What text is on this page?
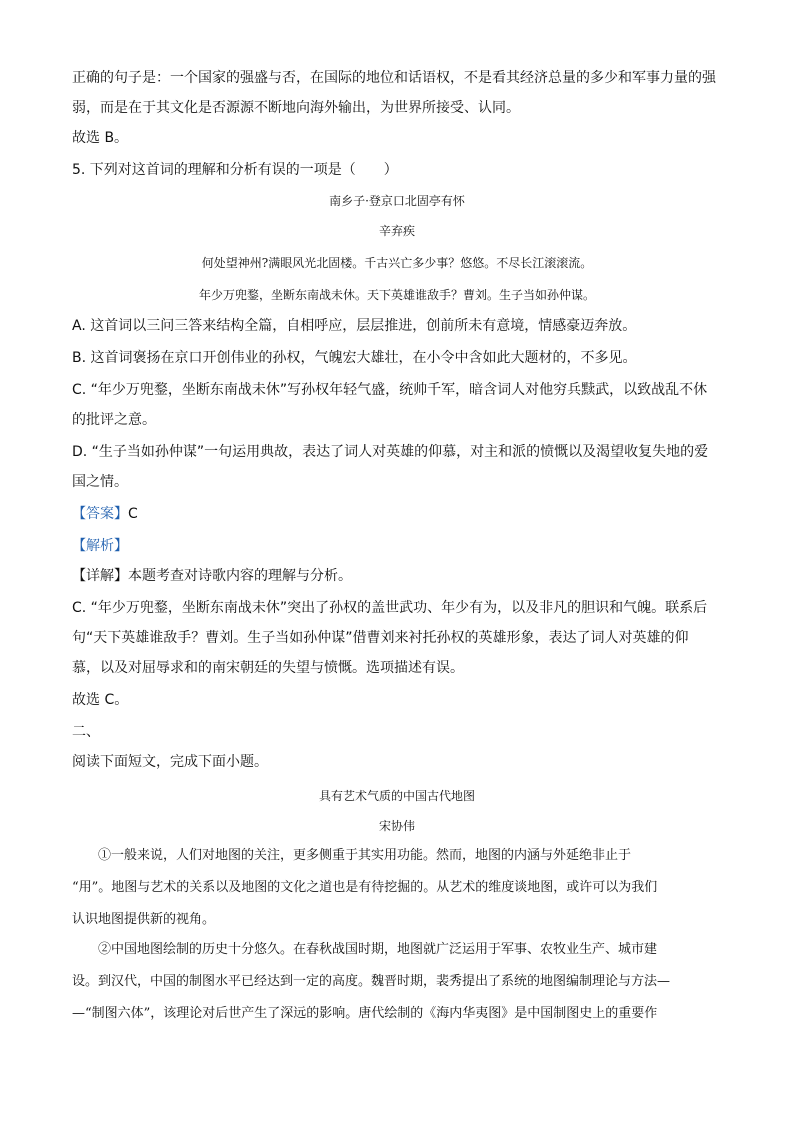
正确的句子是：一个国家的强盛与否，在国际的地位和话语权，不是看其经济总量的多少和军事力量的强
弱，而是在于其文化是否源源不断地向海外输出，为世界所接受、认同。
故选 B。
5. 下列对这首词的理解和分析有误的一项是（　　）
南乡子·登京口北固亭有怀
辛弃疾
何处望神州?满眼风光北固楼。千古兴亡多少事？悠悠。不尽长江滚滚流。
年少万兜鍪，坐断东南战未休。天下英雄谁敌手？曹刘。生子当如孙仲谋。
A. 这首词以三问三答来结构全篇，自相呼应，层层推进，创前所未有意境，情感豪迈奔放。
B. 这首词褒扬在京口开创伟业的孙权，气魄宏大雄壮，在小令中含如此大题材的，不多见。
C. “年少万兜鍪，坐断东南战未休”写孙权年轻气盛，统帅千军，暗含词人对他穷兵黩武，以致战乱不休
的批评之意。
D. “生子当如孙仲谋”一句运用典故，表达了词人对英雄的仰慕，对主和派的愤慨以及渴望收复失地的爱
国之情。
【答案】C
【解析】
【详解】本题考查对诗歌内容的理解与分析。
C. “年少万兜鍪，坐断东南战未休”突出了孙权的盖世武功、年少有为，以及非凡的胆识和气魄。联系后
句“天下英雄谁敌手？曹刘。生子当如孙仲谋”借曹刘来衬托孙权的英雄形象，表达了词人对英雄的仰
慕，以及对屈辱求和的南宋朝廷的失望与愤慨。选项描述有误。
故选 C。
二、
阅读下面短文，完成下面小题。
具有艺术气质的中国古代地图
宋协伟
①一般来说，人们对地图的关注，更多侧重于其实用功能。然而，地图的内涵与外延绝非止于
“用”。地图与艺术的关系以及地图的文化之道也是有待挖掘的。从艺术的维度谈地图，或许可以为我们
认识地图提供新的视角。
②中国地图绘制的历史十分悠久。在春秋战国时期，地图就广泛运用于军事、农牧业生产、城市建
设。到汉代，中国的制图水平已经达到一定的高度。魏晋时期，裴秀提出了系统的地图编制理论与方法—
—“制图六体”，该理论对后世产生了深远的影响。唐代绘制的《海内华夷图》是中国制图史上的重要作
